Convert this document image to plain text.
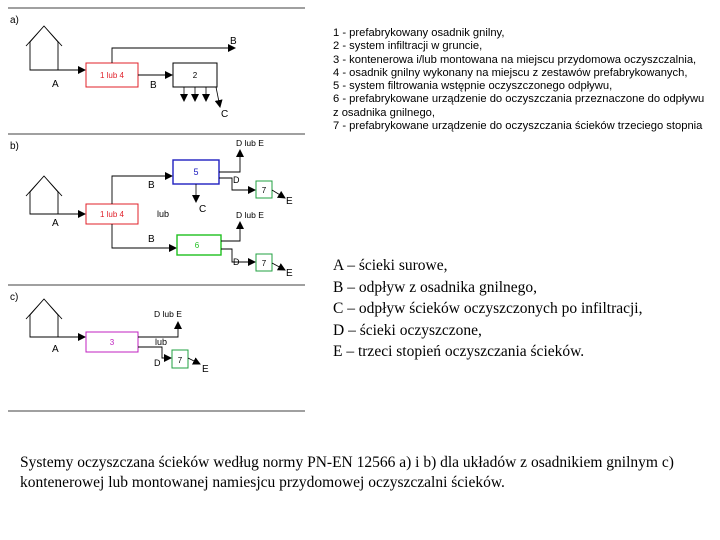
a)
A
1 lub 4
B
B
2
C
b)
A
1 lub 4
B
5
D lub E
7
D
E
C
lub
B
6
D lub E
7
D
E
c)
A
3
D lub E
lub
D 7
E
1 - prefabrykowany osadnik gnilny,
2 - system infiltracji w gruncie,
3 - kontenerowa i/lub montowana na miejscu przydomowa oczyszczalnia,
4 - osadnik gnilny wykonany na miejscu z zestawów prefabrykowanych,
5 - system filtrowania wstępnie oczyszczonego odpływu,
6 - prefabrykowane urządzenie do oczyszczania przeznaczone do odpływu z osadnika gnilnego,
7 - prefabrykowane urządzenie do oczyszczania ścieków trzeciego stopnia
A – ścieki surowe,
B – odpływ z osadnika gnilnego,
C – odpływ ścieków oczyszczonych po infiltracji,
D – ścieki oczyszczone,
E – trzeci stopień oczyszczania ścieków.
Systemy oczyszczana ścieków według normy PN-EN 12566 a) i b) dla układów z osadnikiem gnilnym c) kontenerowej lub montowanej namiesjcu przydomowej oczyszczalni ścieków.
